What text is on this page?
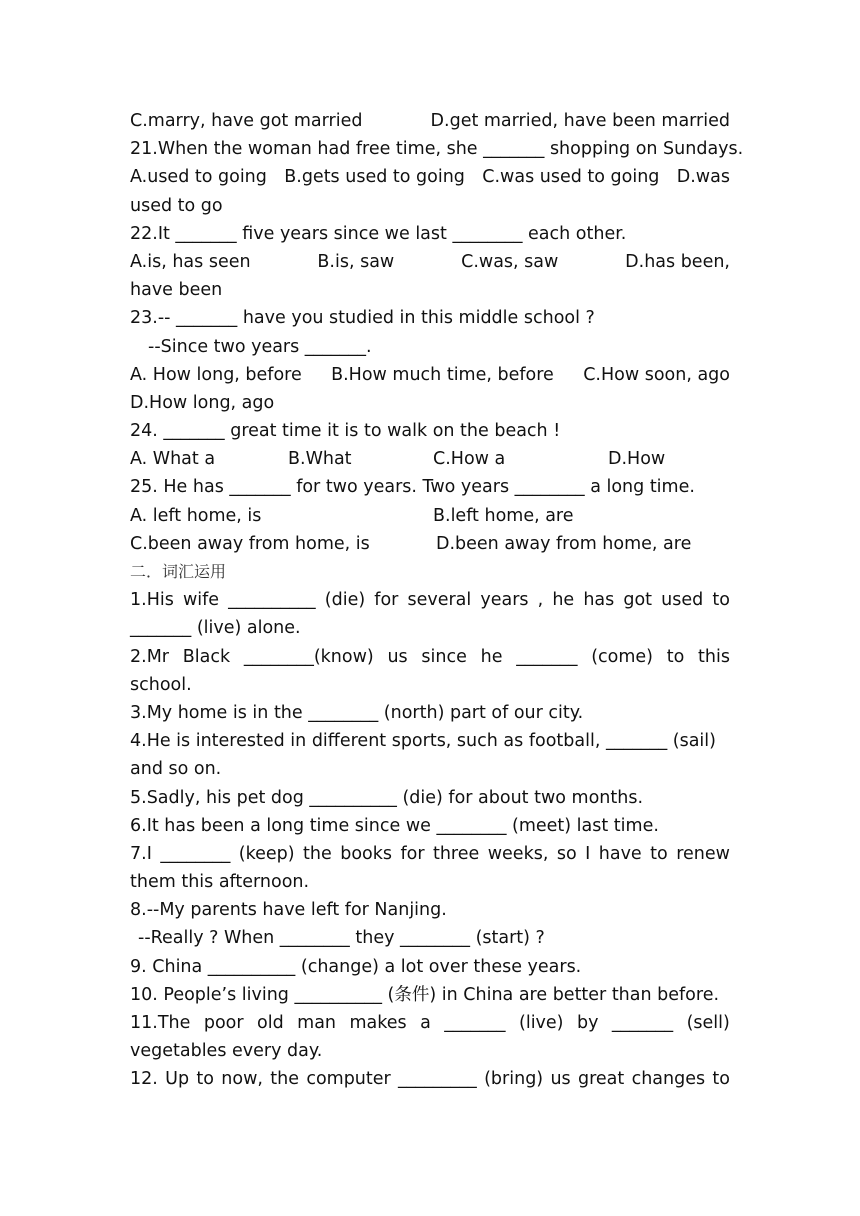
C.marry, have got married	D.get married, have been married
21.When the woman had free time, she _______ shopping on Sundays.
A.used to going B.gets used to going C.was used to going D.was
used to go
22.It _______ five years since we last ________ each other.
A.is, has seen	B.is, saw	C.was, saw	D.has been,
have been
23.-- _______ have you studied in this middle school ?
--Since two years _______.
A. How long, before B.How much time, before C.How soon, ago
D.How long, ago
24. _______ great time it is to walk on the beach !
A. What a	B.What	C.How a	D.How
25. He has _______ for two years. Two years ________ a long time.
A. left home, is	B.left home, are
C.been away from home, is	D.been away from home, are
二．词汇运用
1.His wife __________ (die) for several years , he has got used to
_______ (live) alone.
2.Mr Black ________(know) us since he _______ (come) to this
school.
3.My home is in the ________ (north) part of our city.
4.He is interested in different sports, such as football, _______ (sail)
and so on.
5.Sadly, his pet dog __________ (die) for about two months.
6.It has been a long time since we ________ (meet) last time.
7.I ________ (keep) the books for three weeks, so I have to renew
them this afternoon.
8.--My parents have left for Nanjing.
--Really ? When ________ they ________ (start) ?
9. China __________ (change) a lot over these years.
10. People’s living __________ (条件) in China are better than before.
11.The poor old man makes a _______ (live) by _______ (sell)
vegetables every day.
12. Up to now, the computer _________ (bring) us great changes to
